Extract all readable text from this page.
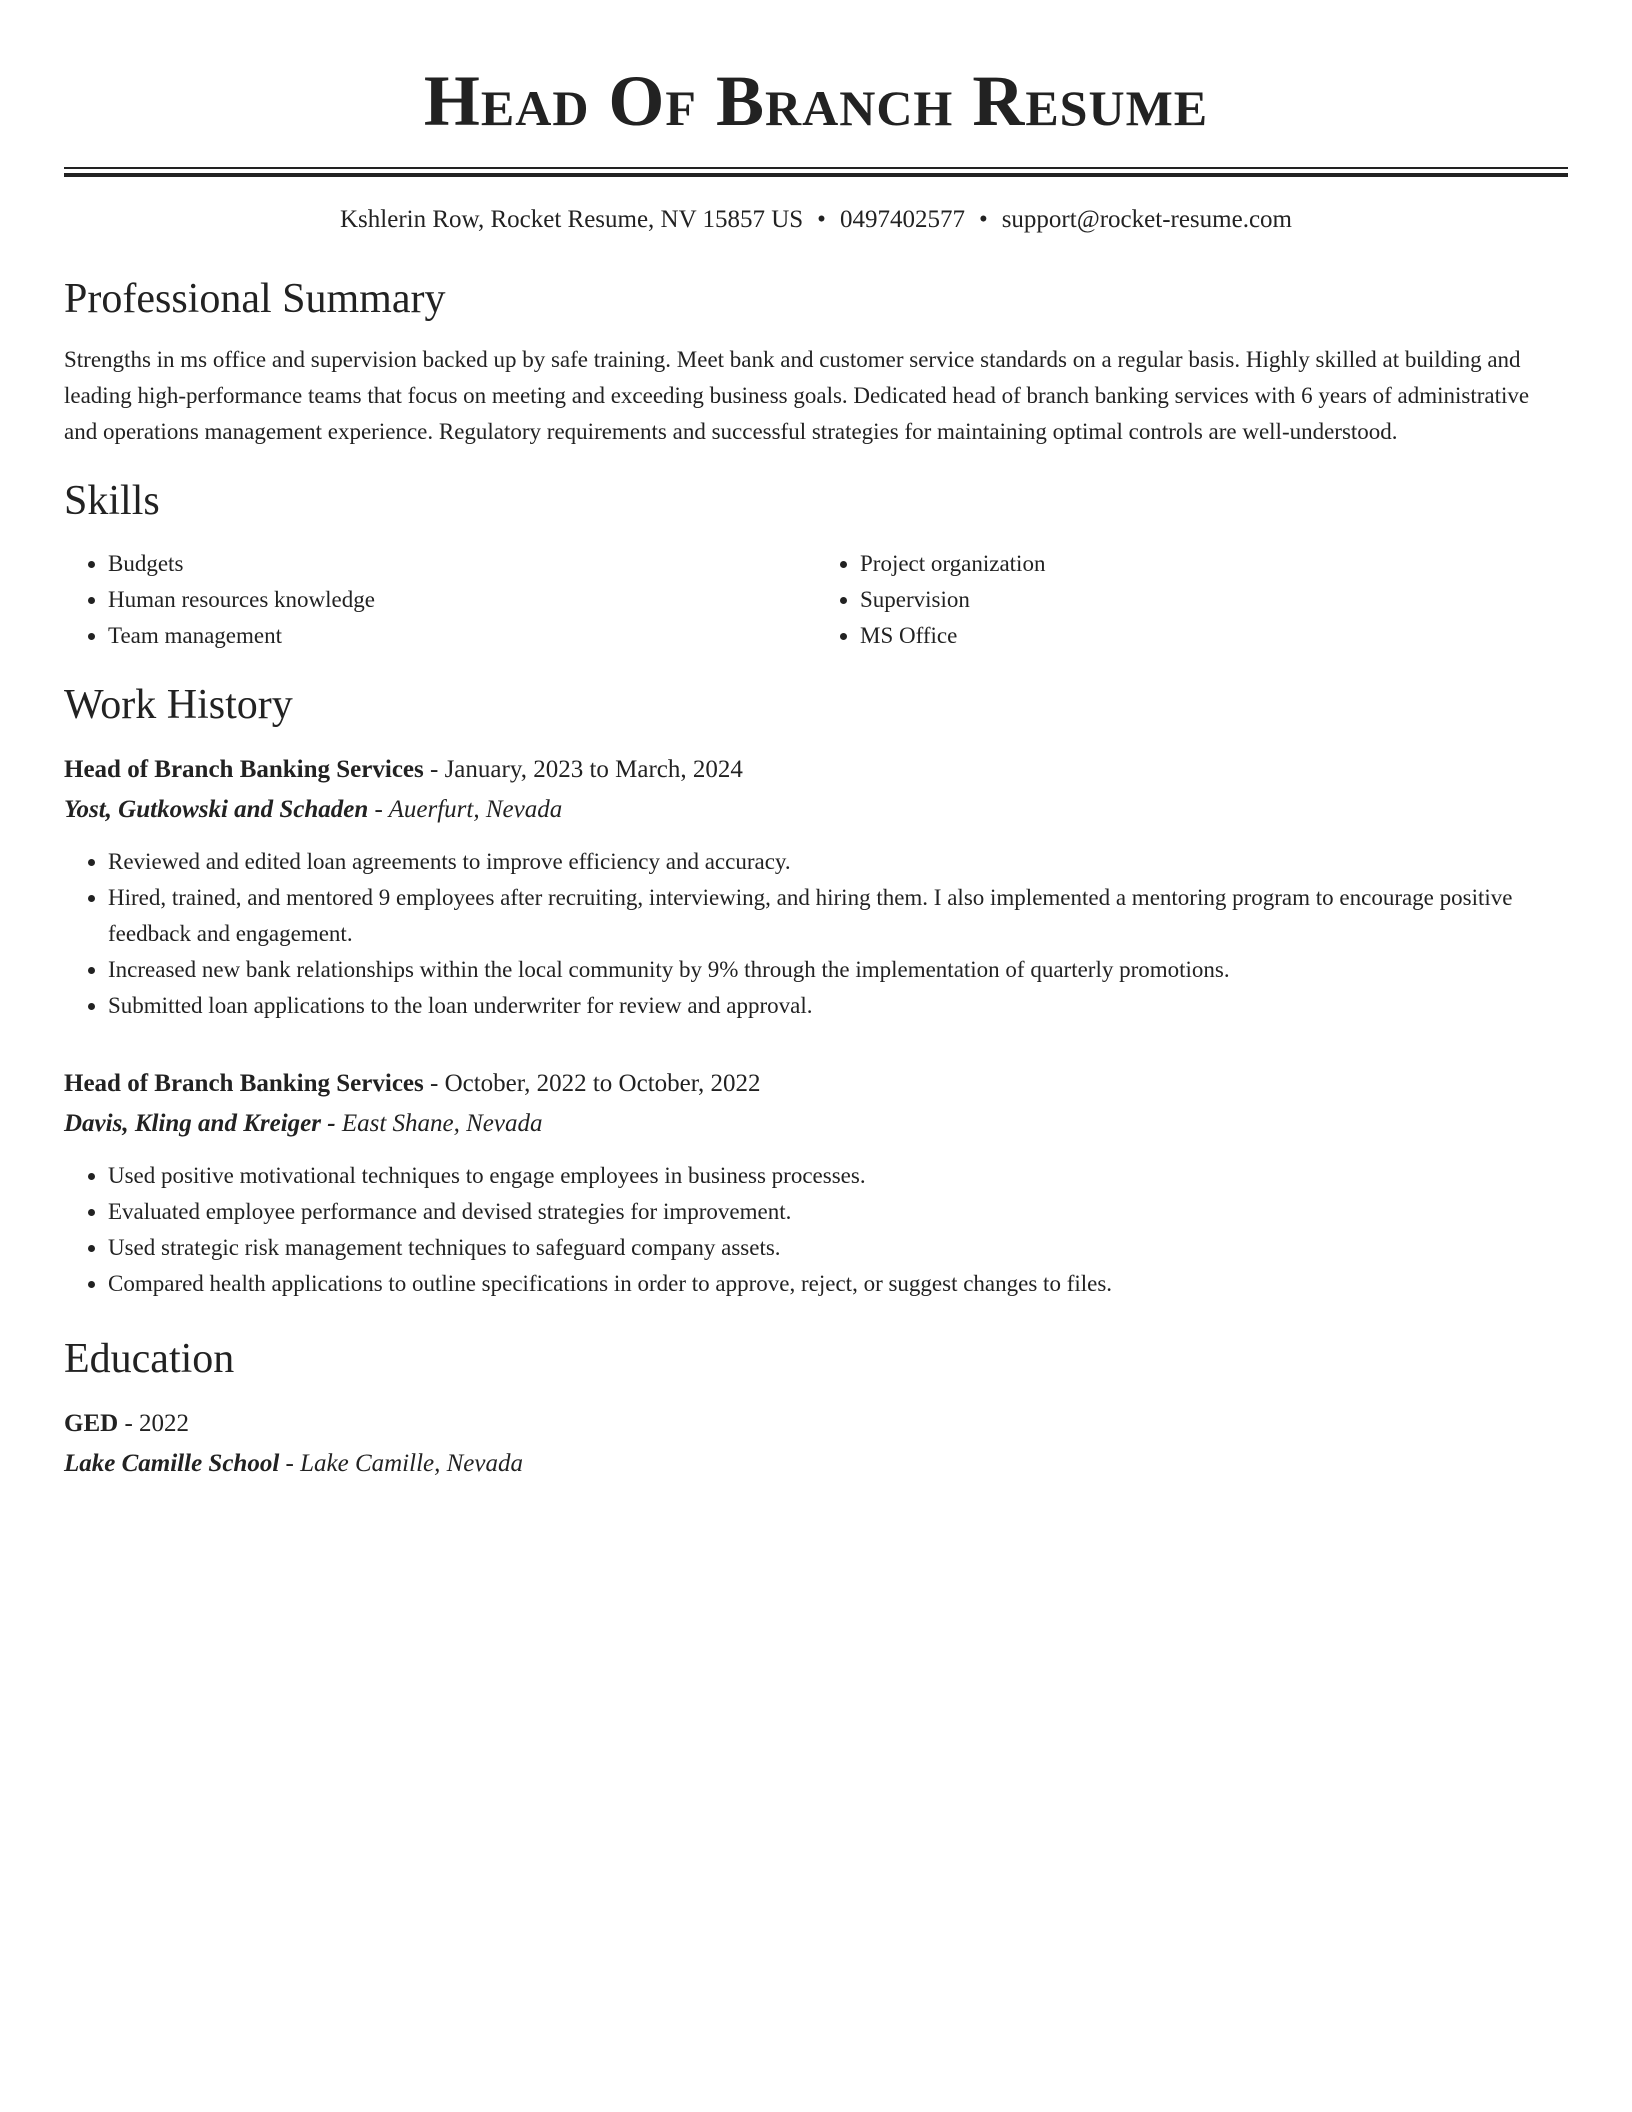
Head Of Branch Resume
Kshlerin Row, Rocket Resume, NV 15857 US • 0497402577 • support@rocket-resume.com
Professional Summary

Strengths in ms office and supervision backed up by safe training. Meet bank and customer service standards on a regular basis. Highly skilled at building and leading high-performance teams that focus on meeting and exceeding business goals. Dedicated head of branch banking services with 6 years of administrative and operations management experience. Regulatory requirements and successful strategies for maintaining optimal controls are well-understood.

Skills
• Budgets
• Human resources knowledge
• Team management
• Project organization
• Supervision
• MS Office
Work History
Head of Branch Banking Services - January, 2023 to March, 2024
Yost, Gutkowski and Schaden - Auerfurt, Nevada
• Reviewed and edited loan agreements to improve efficiency and accuracy.
• Hired, trained, and mentored 9 employees after recruiting, interviewing, and hiring them. I also implemented a mentoring program to encourage positive feedback and engagement.
• Increased new bank relationships within the local community by 9% through the implementation of quarterly promotions.
• Submitted loan applications to the loan underwriter for review and approval.
Head of Branch Banking Services - October, 2022 to October, 2022
Davis, Kling and Kreiger - East Shane, Nevada
• Used positive motivational techniques to engage employees in business processes.
• Evaluated employee performance and devised strategies for improvement.
• Used strategic risk management techniques to safeguard company assets.
• Compared health applications to outline specifications in order to approve, reject, or suggest changes to files.
Education
GED - 2022
Lake Camille School - Lake Camille, Nevada
